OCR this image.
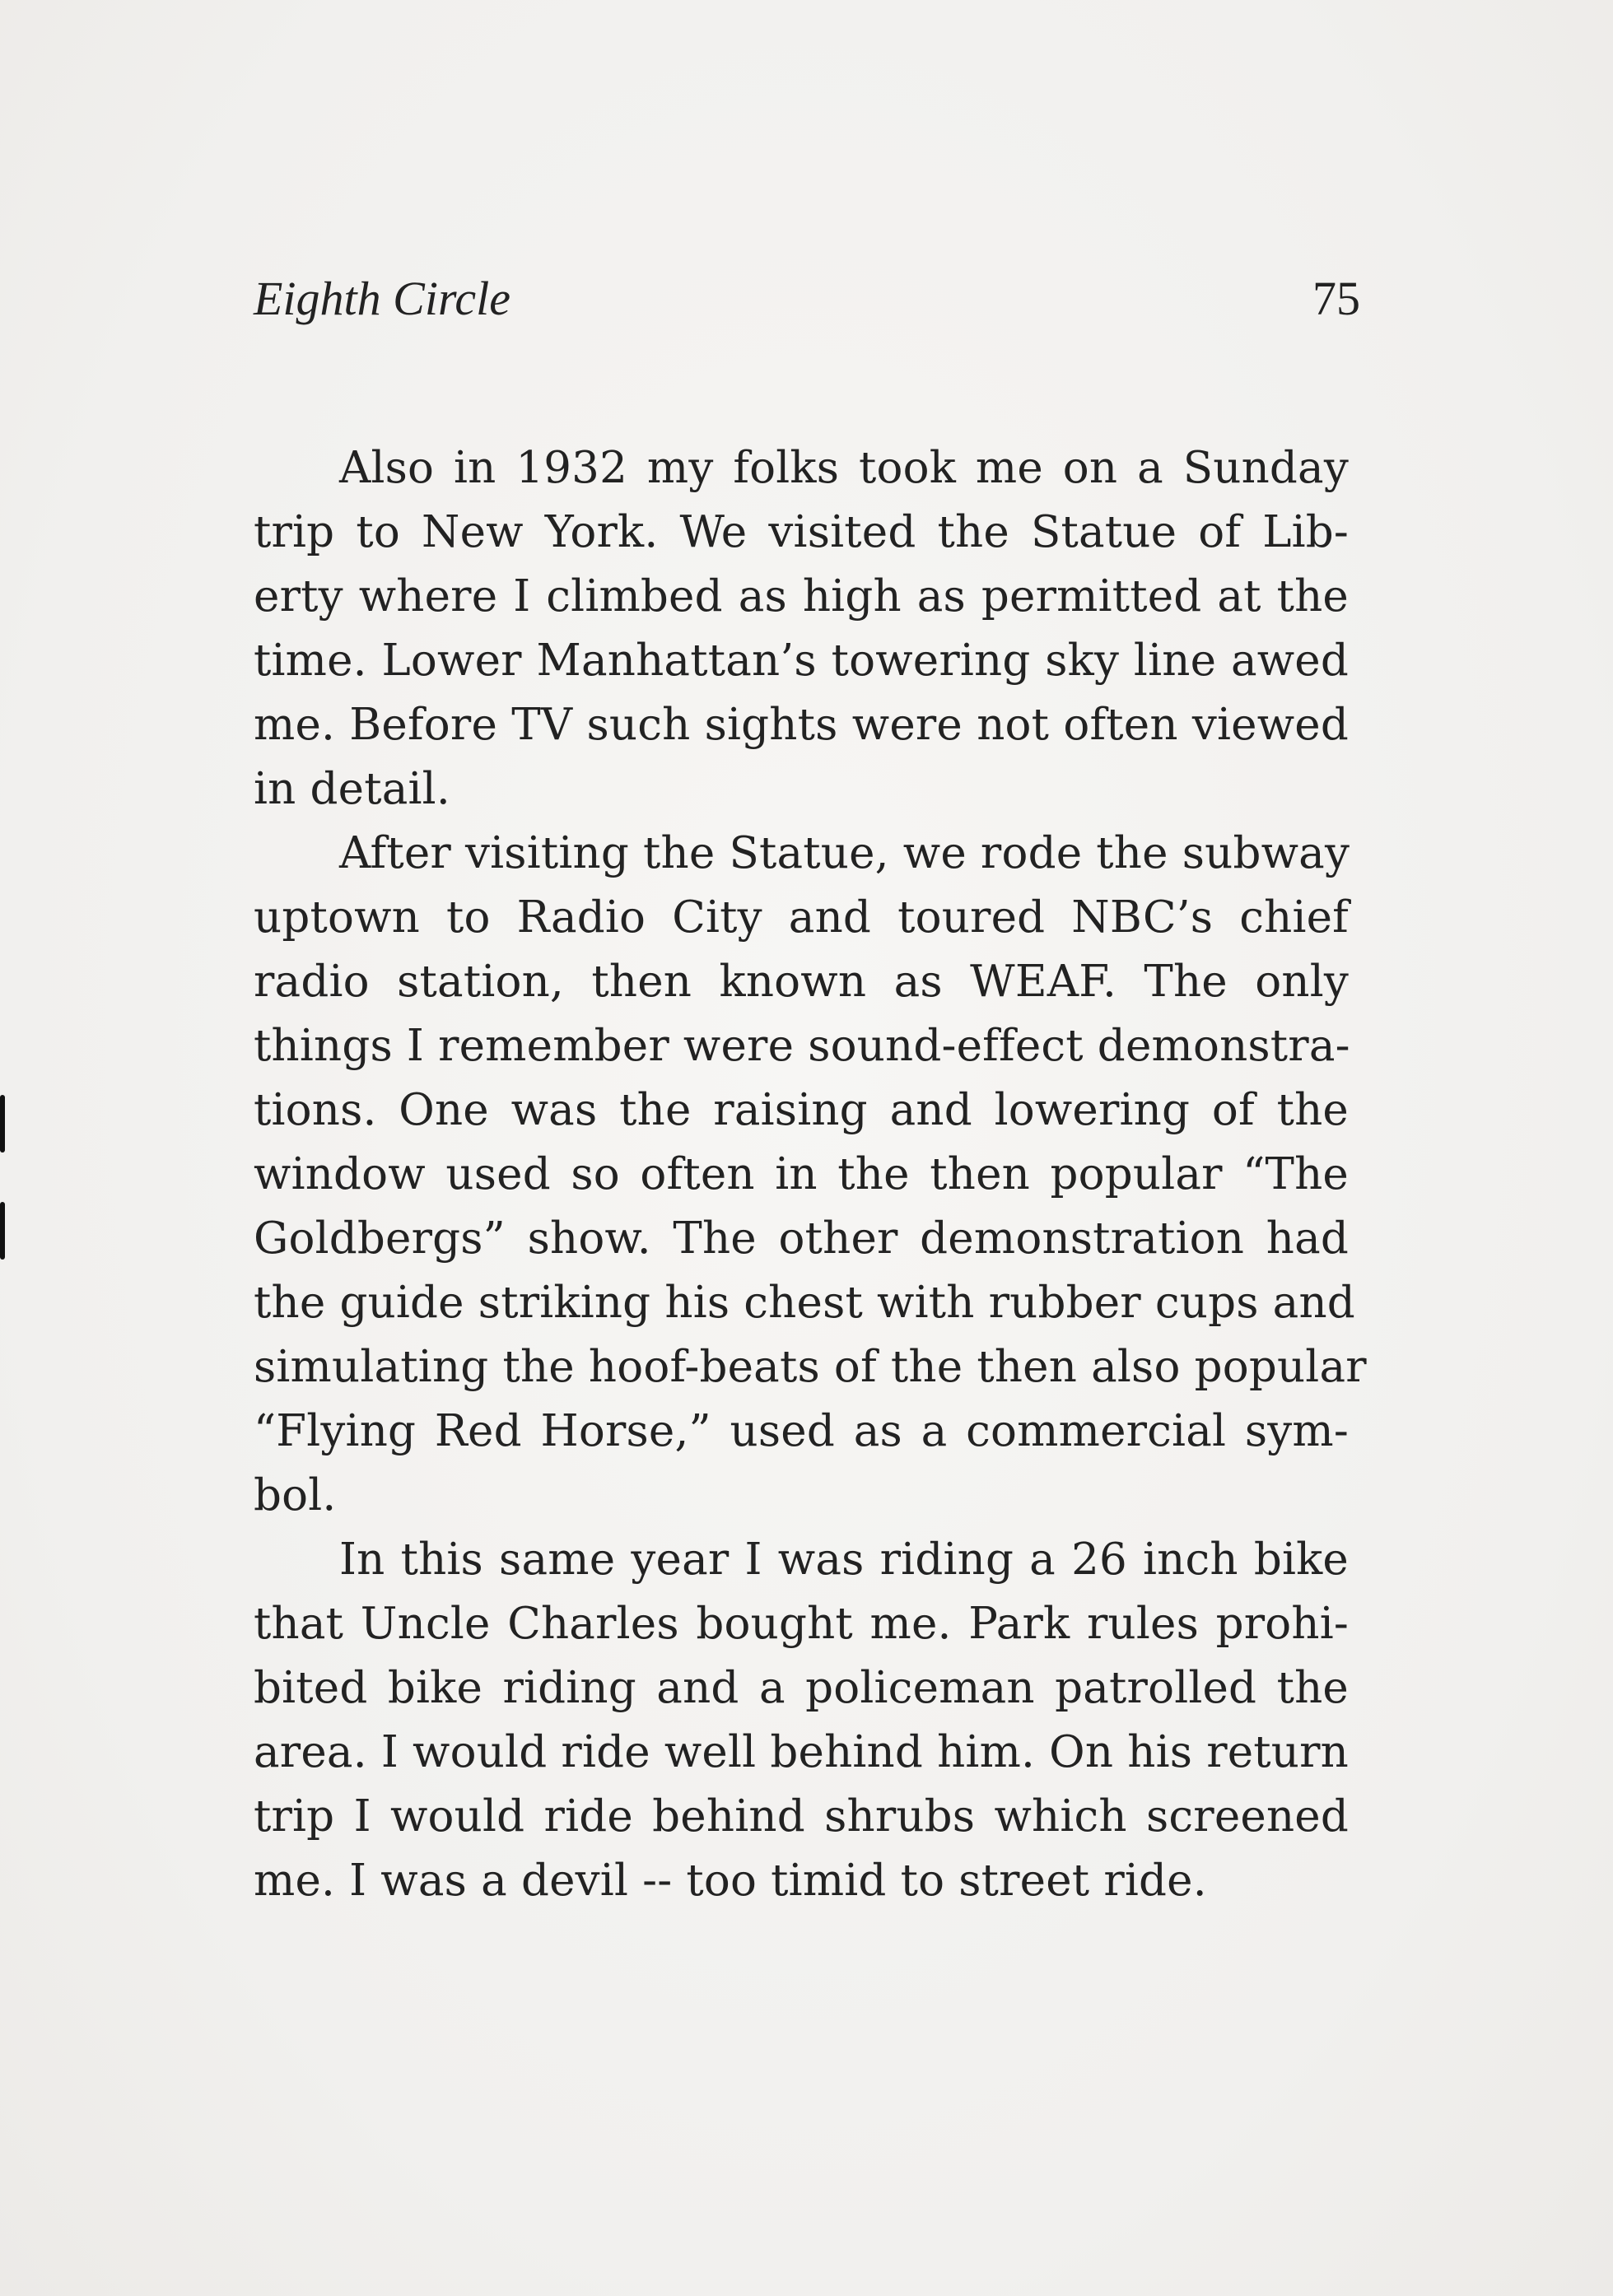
Eighth Circle	75
Also in 1932 my folks took me on a Sunday
trip to New York. We visited the Statue of Lib-
erty where I climbed as high as permitted at the
time. Lower Manhattan’s towering sky line awed
me. Before TV such sights were not often viewed
in detail.
After visiting the Statue, we rode the subway
uptown to Radio City and toured NBC’s chief
radio station, then known as WEAF. The only
things I remember were sound-effect demonstra-
tions. One was the raising and lowering of the
window used so often in the then popular “The
Goldbergs” show. The other demonstration had
the guide striking his chest with rubber cups and
simulating the hoof-beats of the then also popular
“Flying Red Horse,” used as a commercial sym-
bol.
In this same year I was riding a 26 inch bike
that Uncle Charles bought me. Park rules prohi-
bited bike riding and a policeman patrolled the
area. I would ride well behind him. On his return
trip I would ride behind shrubs which screened
me. I was a devil -- too timid to street ride.
